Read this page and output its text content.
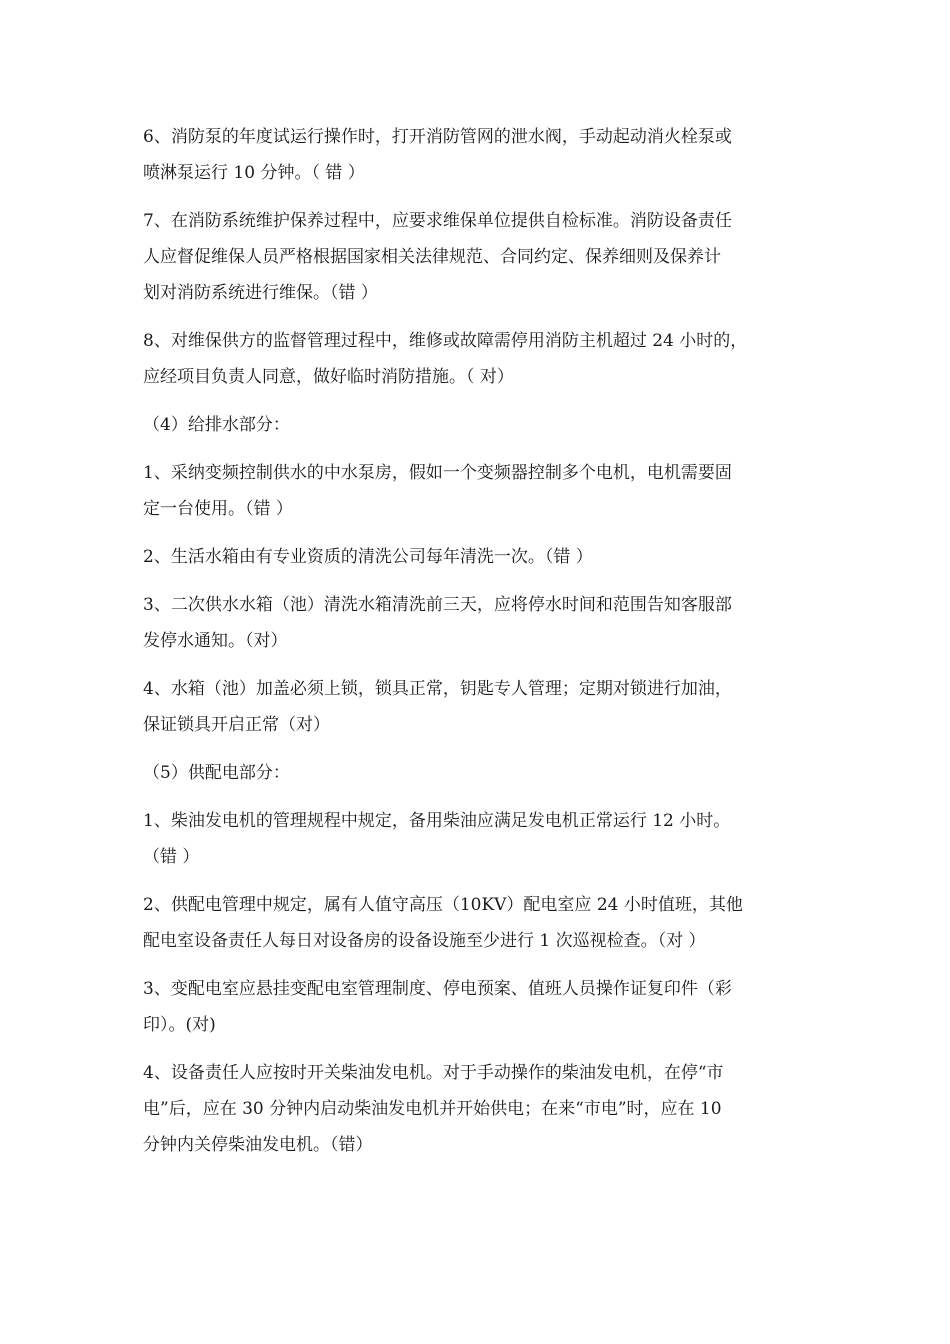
6、消防泵的年度试运行操作时，打开消防管网的泄水阀，手动起动消火栓泵或
喷淋泵运行 10 分钟。（ 错 ）

7、在消防系统维护保养过程中，应要求维保单位提供自检标准。消防设备责任
人应督促维保人员严格根据国家相关法律规范、合同约定、保养细则及保养计
划对消防系统进行维保。（错 ）

8、对维保供方的监督管理过程中，维修或故障需停用消防主机超过 24 小时的，
应经项目负责人同意，做好临时消防措施。（ 对）

（4）给排水部分：

1、采纳变频控制供水的中水泵房，假如一个变频器控制多个电机，电机需要固
定一台使用。（错 ）

2、生活水箱由有专业资质的清洗公司每年清洗一次。（错 ）

3、二次供水水箱（池）清洗水箱清洗前三天，应将停水时间和范围告知客服部
发停水通知。（对）

4、水箱（池）加盖必须上锁，锁具正常，钥匙专人管理；定期对锁进行加油，
保证锁具开启正常（对）

（5）供配电部分：

1、柴油发电机的管理规程中规定，备用柴油应满足发电机正常运行 12 小时。
（错 ）

2、供配电管理中规定，属有人值守高压（10KV）配电室应 24 小时值班，其他
配电室设备责任人每日对设备房的设备设施至少进行 1 次巡视检查。（对 ）

3、变配电室应悬挂变配电室管理制度、停电预案、值班人员操作证复印件（彩
印）。(对)

4、设备责任人应按时开关柴油发电机。对于手动操作的柴油发电机，在停“市
电”后，应在 30 分钟内启动柴油发电机并开始供电；在来“市电”时，应在 10
分钟内关停柴油发电机。（错）
